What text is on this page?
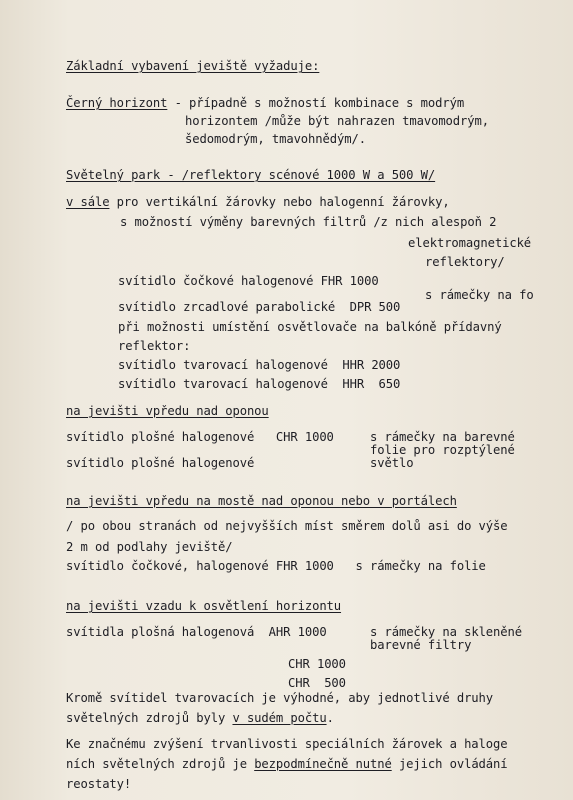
Základní vybavení jeviště vyžaduje:
Černý horizont - případně s možností kombinace s modrým
horizontem /může být nahrazen tmavomodrým,
šedomodrým, tmavohnědým/.
Světelný park - /reflektory scénové 1000 W a 500 W/
v sále pro vertikální žárovky nebo halogenní žárovky,
s možností výměny barevných filtrů /z nich alespoň 2
elektromagnetické
reflektory/
svítidlo čočkové halogenové FHR 1000
s rámečky na fo
svítidlo zrcadlové parabolické  DPR 500
při možnosti umístění osvětlovače na balkóně přídavný
reflektor:
svítidlo tvarovací halogenové  HHR 2000
svítidlo tvarovací halogenové  HHR  650
na jevišti vpředu nad oponou
svítidlo plošné halogenové   CHR 1000	s rámečky na barevné
folie pro rozptýlené
svítidlo plošné halogenové	světlo
na jevišti vpředu na mostě nad oponou nebo v portálech
/ po obou stranách od nejvyšších míst směrem dolů asi do výše
2 m od podlahy jeviště/
svítidlo čočkové, halogenové FHR 1000   s rámečky na folie
na jevišti vzadu k osvětlení horizontu
svítidla plošná halogenová  AHR 1000	s rámečky na skleněné
barevné filtry
CHR 1000
CHR  500
Kromě svítidel tvarovacích je výhodné, aby jednotlivé druhy
světelných zdrojů byly v sudém počtu.
Ke značnému zvýšení trvanlivosti speciálních žárovek a haloge
ních světelných zdrojů je bezpodmínečně nutné jejich ovládání
reostaty!
